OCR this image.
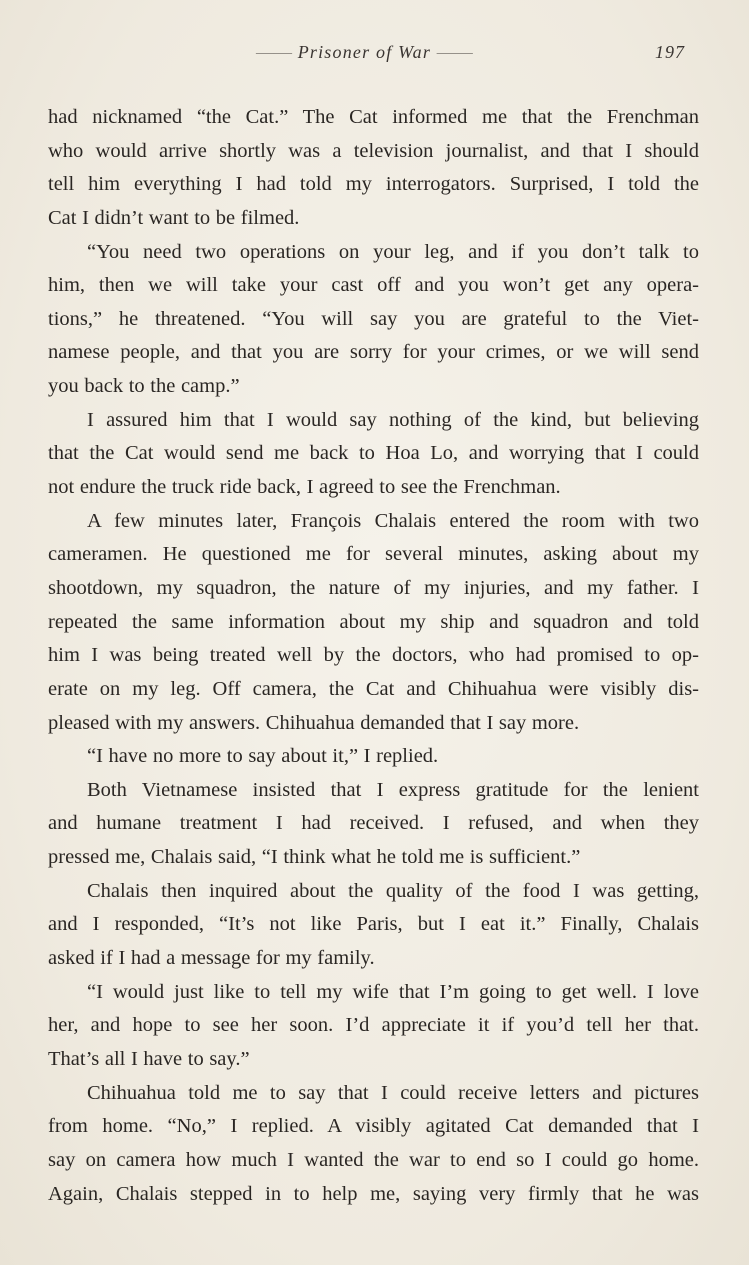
—— Prisoner of War ——	197
had nicknamed “the Cat.” The Cat informed me that the Frenchman
who would arrive shortly was a television journalist, and that I should
tell him everything I had told my interrogators. Surprised, I told the
Cat I didn’t want to be filmed.
“You need two operations on your leg, and if you don’t talk to
him, then we will take your cast off and you won’t get any opera-
tions,” he threatened. “You will say you are grateful to the Viet-
namese people, and that you are sorry for your crimes, or we will send
you back to the camp.”
I assured him that I would say nothing of the kind, but believing
that the Cat would send me back to Hoa Lo, and worrying that I could
not endure the truck ride back, I agreed to see the Frenchman.
A few minutes later, François Chalais entered the room with two
cameramen. He questioned me for several minutes, asking about my
shootdown, my squadron, the nature of my injuries, and my father. I
repeated the same information about my ship and squadron and told
him I was being treated well by the doctors, who had promised to op-
erate on my leg. Off camera, the Cat and Chihuahua were visibly dis-
pleased with my answers. Chihuahua demanded that I say more.
“I have no more to say about it,” I replied.
Both Vietnamese insisted that I express gratitude for the lenient
and humane treatment I had received. I refused, and when they
pressed me, Chalais said, “I think what he told me is sufficient.”
Chalais then inquired about the quality of the food I was getting,
and I responded, “It’s not like Paris, but I eat it.” Finally, Chalais
asked if I had a message for my family.
“I would just like to tell my wife that I’m going to get well. I love
her, and hope to see her soon. I’d appreciate it if you’d tell her that.
That’s all I have to say.”
Chihuahua told me to say that I could receive letters and pictures
from home. “No,” I replied. A visibly agitated Cat demanded that I
say on camera how much I wanted the war to end so I could go home.
Again, Chalais stepped in to help me, saying very firmly that he was
